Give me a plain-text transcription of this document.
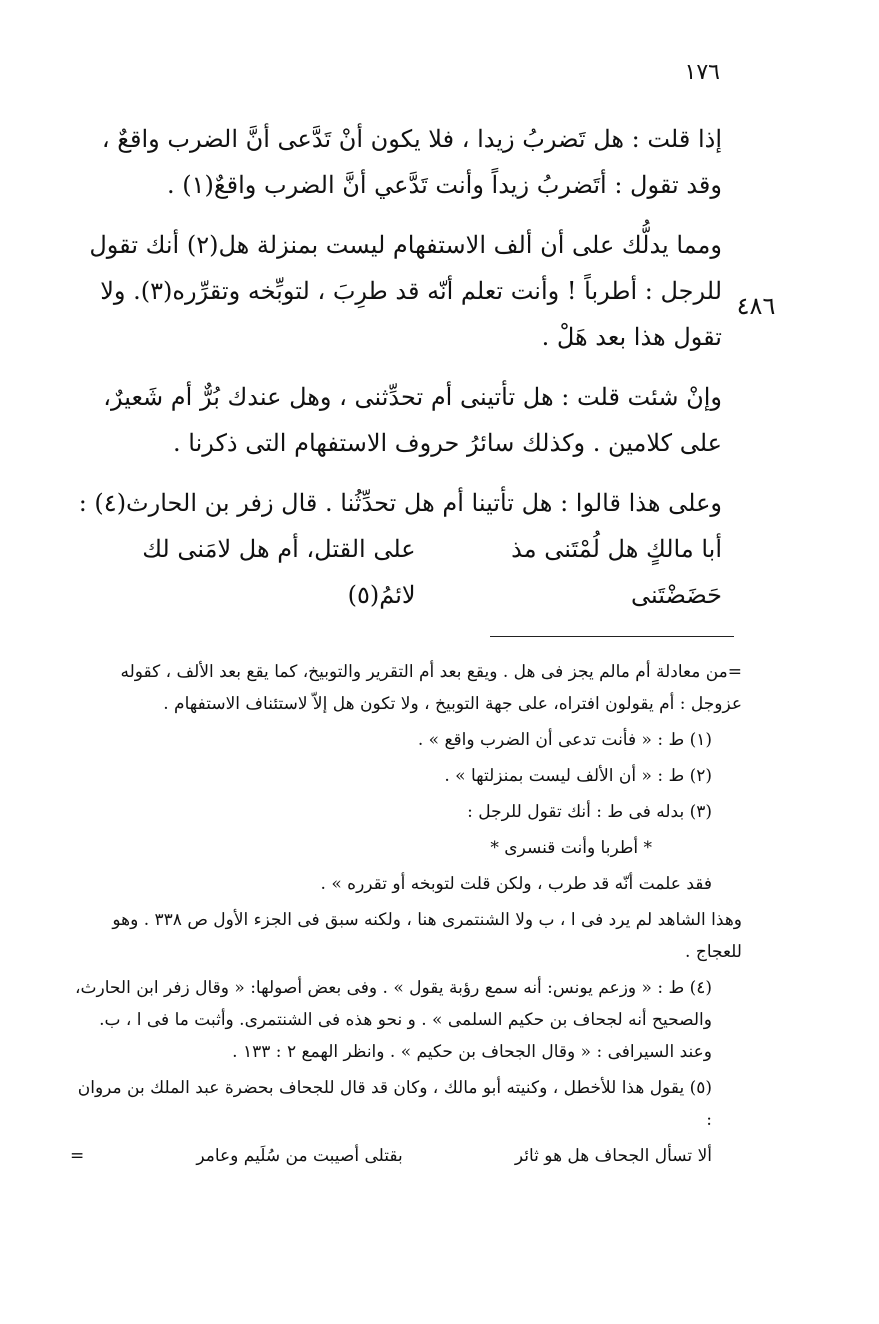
١٧٦
٤٨٦

إذا قلت : هل تَضربُ زيدا ، فلا يكون أنْ تَدَّعى أنَّ الضرب واقعٌ ، وقد تقول : أتَضربُ زيداً وأنت تَدَّعي أنَّ الضرب واقعٌ(١) .

ومما يدلُّك على أن ألف الاستفهام ليست بمنزلة هل(٢) أنك تقول للرجل : أطرباً ! وأنت تعلم أنّه قد طرِبَ ، لتوبِّخه وتقرِّره(٣). ولا تقول هذا بعد هَلْ .

وإنْ شئت قلت : هل تأتينى أم تحدِّثنى ، وهل عندك بُرٌّ أم شَعيرٌ، على كلامين . وكذلك سائرُ حروف الاستفهام التى ذكرنا .

وعلى هذا قالوا : هل تأتينا أم هل تحدِّثُنا . قال زفر بن الحارث(٤) :

أبا مالكٍ هل لُمْتَنى مذ حَضَضْتَنى
على القتل، أم هل لامَنى لك لائمُ(٥)

=من معادلة أم مالم يجز فى هل . ويقع بعد أم التقرير والتوبيخ، كما يقع بعد الألف ، كقوله عزوجل : أم يقولون افتراه، على جهة التوبيخ ، ولا تكون هل إلاّ لاستئناف الاستفهام .

(١) ط : « فأنت تدعى أن الضرب واقع » .

(٢) ط : « أن الألف ليست بمنزلتها » .

(٣) بدله فى ط : أنك تقول للرجل :

* أطربا وأنت قنسرى *

فقد علمت أنّه قد طرب ، ولكن قلت لتوبخه أو تقرره » .

وهذا الشاهد لم يرد فى ا ، ب ولا الشنتمرى هنا ، ولكنه سبق فى الجزء الأول ص ٣٣٨ . وهو للعجاج .

(٤) ط : « وزعم يونس: أنه سمع رؤبة يقول » . وفى بعض أصولها: « وقال زفر ابن الحارث، والصحيح أنه لجحاف بن حكيم السلمى » . و نحو هذه فى الشنتمرى. وأثبت ما فى ا ، ب. وعند السيرافى : « وقال الجحاف بن حكيم » . وانظر الهمع ٢ : ١٣٣ .

(٥) يقول هذا للأخطل ، وكنيته أبو مالك ، وكان قد قال للجحاف بحضرة عبد الملك بن مروان :

ألا تسأل الجحاف هل هو ثائر
بقتلى أصيبت من سُلَيم وعامر
=
